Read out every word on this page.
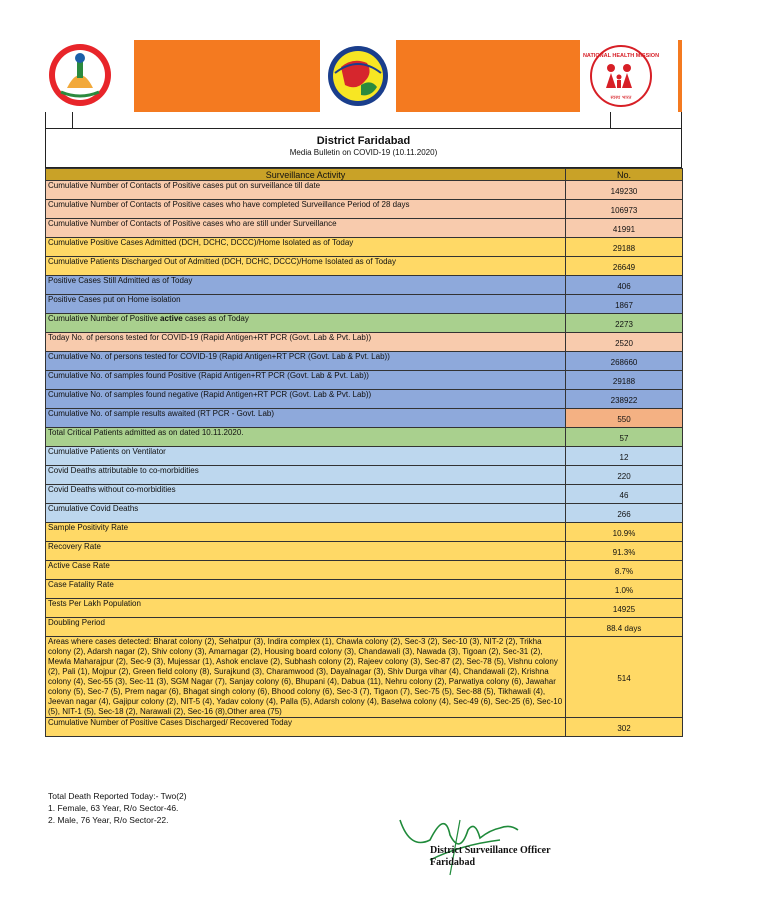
NATIONAL HEALTH MISSION
स्वस्थ भारत
District Faridabad
Media Bulletin on COVID-19 (10.11.2020)
Surveillance Activity	No.
Cumulative Number of Contacts of Positive cases put on surveillance till date	149230
Cumulative Number of Contacts of Positive cases who have completed Surveillance Period of 28 days	106973
Cumulative Number of Contacts of Positive cases who are still under Surveillance	41991
Cumulative Positive Cases Admitted (DCH, DCHC, DCCC)/Home Isolated as of Today	29188
Cumulative Patients Discharged Out of Admitted (DCH, DCHC, DCCC)/Home Isolated as of Today	26649
Positive Cases Still Admitted as of Today	406
Positive Cases put on Home isolation	1867
Cumulative Number of Positive active cases as of Today	2273
Today No. of persons tested for COVID-19 (Rapid Antigen+RT PCR (Govt. Lab & Pvt. Lab))	2520
Cumulative No. of persons tested for COVID-19 (Rapid Antigen+RT PCR (Govt. Lab & Pvt. Lab))	268660
Cumulative No. of samples found Positive (Rapid Antigen+RT PCR (Govt. Lab & Pvt. Lab))	29188
Cumulative No. of samples found negative (Rapid Antigen+RT PCR (Govt. Lab & Pvt. Lab))	238922
Cumulative No. of sample results awaited (RT PCR - Govt. Lab)	550
Total Critical Patients admitted as on dated 10.11.2020.	57
Cumulative Patients on Ventilator	12
Covid Deaths attributable to co-morbidities	220
Covid Deaths without co-morbidities	46
Cumulative Covid Deaths	266
Sample Positivity Rate	10.9%
Recovery Rate	91.3%
Active Case Rate	8.7%
Case Fatality Rate	1.0%
Tests Per Lakh Population	14925
Doubling Period	88.4 days
Areas where cases detected: Bharat colony (2), Sehatpur (3), Indira complex (1), Chawla colony (2), Sec-3 (2), Sec-10 (3), NIT-2 (2), Trikha colony (2), Adarsh nagar (2), Shiv colony (3), Amarnagar (2), Housing board colony (3), Chandawali (3), Nawada (3), Tigoan (2), Sec-31 (2), Mewla Maharajpur (2), Sec-9 (3), Mujessar (1), Ashok enclave (2), Subhash colony (2), Rajeev colony (3), Sec-87 (2), Sec-78 (5), Vishnu colony (2), Pali (1), Mojpur (2), Green field colony (8), Surajkund (3), Charamwood (3), Dayalnagar (3), Shiv Durga vihar (4), Chandawali (2), Krishna colony (4), Sec-55 (3), Sec-11 (3), SGM Nagar (7), Sanjay colony (6), Bhupani (4), Dabua (11), Nehru colony (2), Parwatiya colony (6), Jawahar colony (5), Sec-7 (5), Prem nagar (6), Bhagat singh colony (6), Bhood colony (6), Sec-3 (7), Tigaon (7), Sec-75 (5), Sec-88 (5), Tikhawali (4), Jeevan nagar (4), Gajipur colony (2), NIT-5 (4), Yadav colony (4), Palla (5), Adarsh colony (4), Baselwa colony (4), Sec-49 (6), Sec-25 (6), Sec-10 (5), NIT-1 (5), Sec-18 (2), Narawali (2), Sec-16 (8),Other area (75)	514
Cumulative Number of Positive Cases Discharged/ Recovered Today	302
Total Death Reported Today:- Two(2)
1. Female, 63 Year, R/o Sector-46.
2. Male, 76 Year, R/o Sector-22.
District Surveillance Officer
Faridabad
